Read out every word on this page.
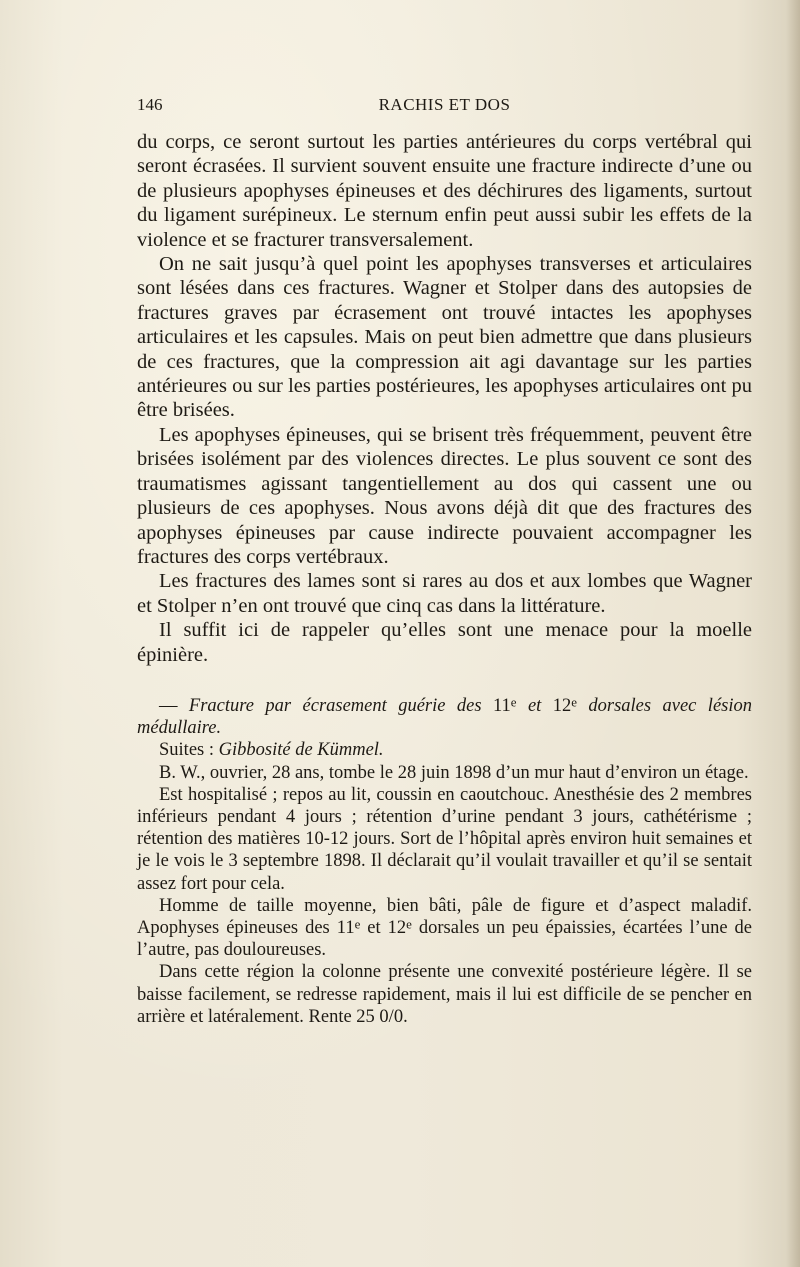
146	RACHIS ET DOS

du corps, ce seront surtout les parties antérieures du corps vertébral qui seront écrasées. Il survient souvent ensuite une fracture indirecte d’une ou de plusieurs apophyses épineuses et des déchirures des ligaments, surtout du ligament surépineux. Le sternum enfin peut aussi subir les effets de la violence et se fracturer transversalement.

On ne sait jusqu’à quel point les apophyses transverses et articulaires sont lésées dans ces fractures. Wagner et Stolper dans des autopsies de fractures graves par écrasement ont trouvé intactes les apophyses articulaires et les capsules. Mais on peut bien admettre que dans plusieurs de ces fractures, que la compression ait agi davantage sur les parties antérieures ou sur les parties postérieures, les apophyses articulaires ont pu être brisées.

Les apophyses épineuses, qui se brisent très fréquemment, peuvent être brisées isolément par des violences directes. Le plus souvent ce sont des traumatismes agissant tangentiellement au dos qui cassent une ou plusieurs de ces apophyses. Nous avons déjà dit que des fractures des apophyses épineuses par cause indirecte pouvaient accompagner les fractures des corps vertébraux.

Les fractures des lames sont si rares au dos et aux lombes que Wagner et Stolper n’en ont trouvé que cinq cas dans la littérature.

Il suffit ici de rappeler qu’elles sont une menace pour la moelle épinière.

— Fracture par écrasement guérie des 11e et 12e dorsales avec lésion médullaire.

Suites : Gibbosité de Kümmel.

B. W., ouvrier, 28 ans, tombe le 28 juin 1898 d’un mur haut d’environ un étage.

Est hospitalisé ; repos au lit, coussin en caoutchouc. Anesthésie des 2 membres inférieurs pendant 4 jours ; rétention d’urine pendant 3 jours, cathétérisme ; rétention des matières 10-12 jours. Sort de l’hôpital après environ huit semaines et je le vois le 3 septembre 1898. Il déclarait qu’il voulait travailler et qu’il se sentait assez fort pour cela.

Homme de taille moyenne, bien bâti, pâle de figure et d’aspect maladif. Apophyses épineuses des 11e et 12e dorsales un peu épaissies, écartées l’une de l’autre, pas douloureuses.

Dans cette région la colonne présente une convexité postérieure légère. Il se baisse facilement, se redresse rapidement, mais il lui est difficile de se pencher en arrière et latéralement. Rente 25 0/0.
